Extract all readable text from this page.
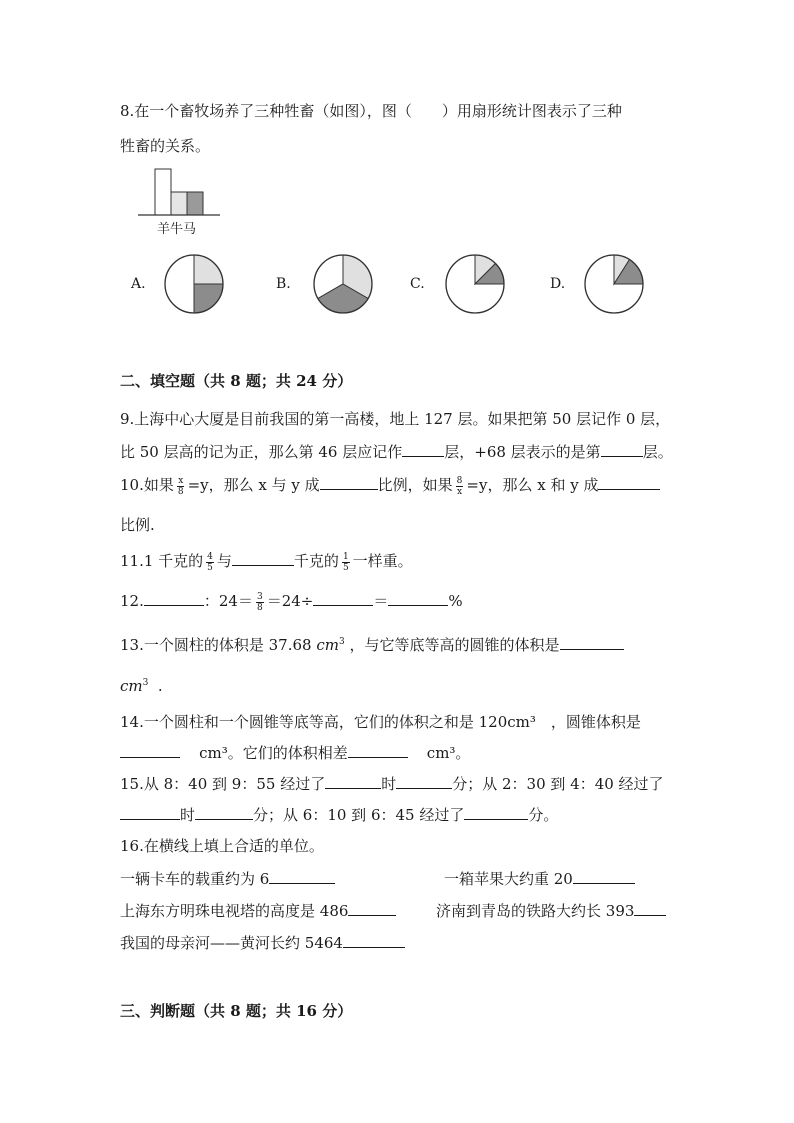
8.在一个畜牧场养了三种牲畜（如图），图（　　）用扇形统计图表示了三种
牲畜的关系。
羊牛马
A.	B.	C.	D.
二、填空题（共 8 题；共 24 分）
9.上海中心大厦是目前我国的第一高楼，地上 127 层。如果把第 50 层记作 0 层，
比 50 层高的记为正，那么第 46 层应记作	层，+68 层表示的是第	层。
10.如果 $\frac{x}{8} =y$，那么 x 与 y 成	比例，如果 $\frac{8}{x} =y$，那么 x 和 y 成
比例.
11.1 千克的 $\frac{4}{5}$ 与	千克的 $\frac{1}{5}$ 一样重。
12.	：$24= \frac{3}{8} =24\div$	＝	%
13.一个圆柱的体积是 37.68 $cm^3$ ，与它等底等高的圆锥的体积是
$cm^3$ .
14.一个圆柱和一个圆锥等底等高，它们的体积之和是 120cm³　，圆锥体积是
cm³。它们的体积相差	cm³。
15.从 8：40 到 9：55 经过了	时	分；从 2：30 到 4：40 经过了
时	分；从 6：10 到 6：45 经过了	分。
16.在横线上填上合适的单位。
一辆卡车的载重约为 6	一箱苹果大约重 20
上海东方明珠电视塔的高度是 486	济南到青岛的铁路大约长 393
我国的母亲河——黄河长约 5464
三、判断题（共 8 题；共 16 分）
